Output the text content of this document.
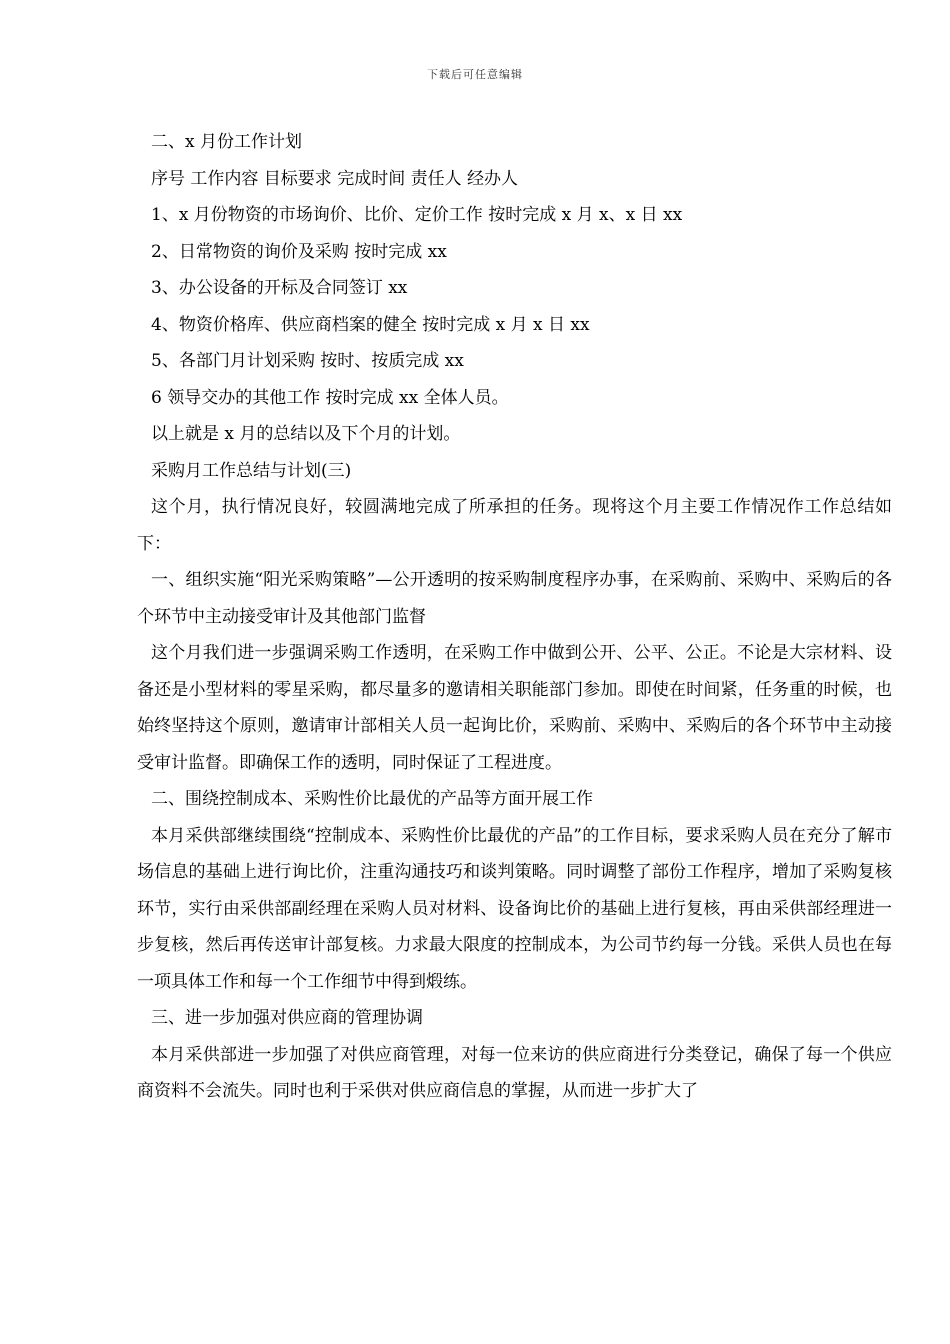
下载后可任意编辑

二、x 月份工作计划

序号 工作内容 目标要求 完成时间 责任人 经办人

1、x 月份物资的市场询价、比价、定价工作 按时完成 x 月 x、x 日 xx

2、日常物资的询价及采购 按时完成 xx

3、办公设备的开标及合同签订 xx

4、物资价格库、供应商档案的健全 按时完成 x 月 x 日 xx

5、各部门月计划采购 按时、按质完成 xx

6 领导交办的其他工作 按时完成 xx 全体人员。

以上就是 x 月的总结以及下个月的计划。

采购月工作总结与计划(三)

这个月，执行情况良好，较圆满地完成了所承担的任务。现将这个月主要工作情况作工作总结如下：

一、组织实施“阳光采购策略”—公开透明的按采购制度程序办事，在采购前、采购中、采购后的各个环节中主动接受审计及其他部门监督

这个月我们进一步强调采购工作透明，在采购工作中做到公开、公平、公正。不论是大宗材料、设备还是小型材料的零星采购，都尽量多的邀请相关职能部门参加。即使在时间紧，任务重的时候，也始终坚持这个原则，邀请审计部相关人员一起询比价，采购前、采购中、采购后的各个环节中主动接受审计监督。即确保工作的透明，同时保证了工程进度。

二、围绕控制成本、采购性价比最优的产品等方面开展工作

本月采供部继续围绕“控制成本、采购性价比最优的产品”的工作目标，要求采购人员在充分了解市场信息的基础上进行询比价，注重沟通技巧和谈判策略。同时调整了部份工作程序，增加了采购复核环节，实行由采供部副经理在采购人员对材料、设备询比价的基础上进行复核，再由采供部经理进一步复核，然后再传送审计部复核。力求最大限度的控制成本，为公司节约每一分钱。采供人员也在每一项具体工作和每一个工作细节中得到煅练。

三、进一步加强对供应商的管理协调

本月采供部进一步加强了对供应商管理，对每一位来访的供应商进行分类登记，确保了每一个供应商资料不会流失。同时也利于采供对供应商信息的掌握，从而进一步扩大了
